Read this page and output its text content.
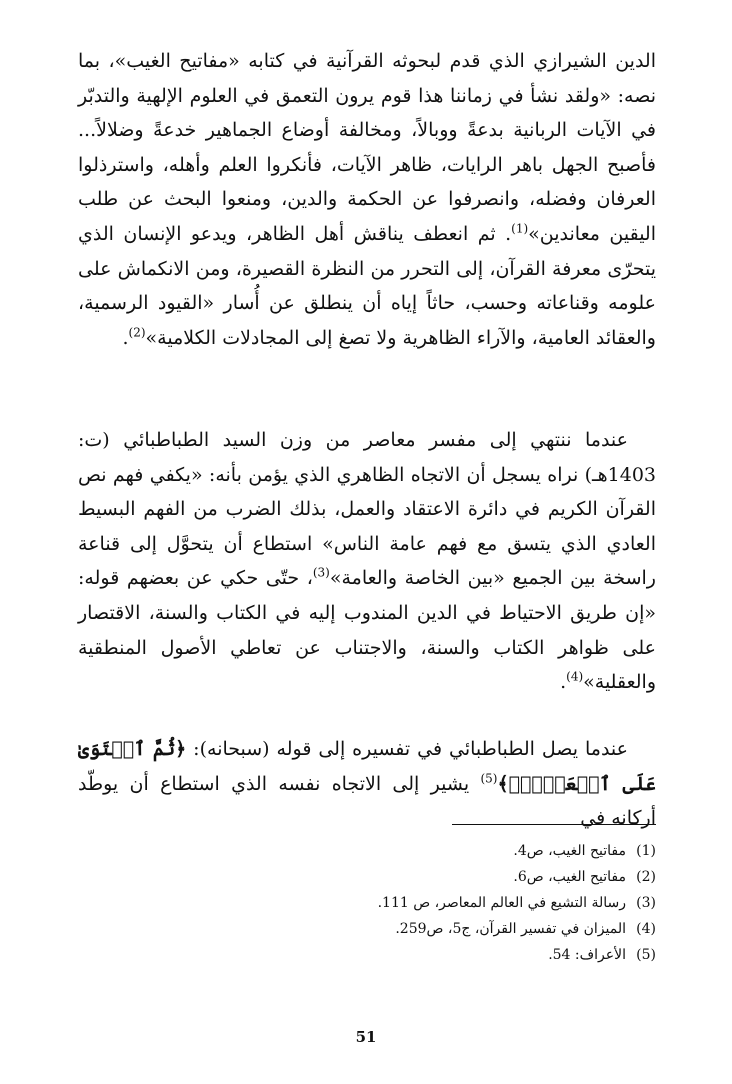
الدين الشيرازي الذي قدم لبحوثه القرآنية في كتابه «مفاتيح الغيب»، بما نصه: «ولقد نشأ في زماننا هذا قوم يرون التعمق في العلوم الإلهية والتدبّر في الآيات الربانية بدعةً ووبالاً، ومخالفة أوضاع الجماهير خدعةً وضلالاً... فأصبح الجهل باهر الرايات، ظاهر الآيات، فأنكروا العلم وأهله، واسترذلوا العرفان وفضله، وانصرفوا عن الحكمة والدين، ومنعوا البحث عن طلب اليقين معاندين»$^{(1)}$. ثم انعطف يناقش أهل الظاهر، ويدعو الإنسان الذي يتحرّى معرفة القرآن، إلى التحرر من النظرة القصيرة، ومن الانكماش على علومه وقناعاته وحسب، حاثاً إياه أن ينطلق عن أُسار «القيود الرسمية، والعقائد العامية، والآراء الظاهرية ولا تصغ إلى المجادلات الكلامية»$^{(2)}$.

عندما ننتهي إلى مفسر معاصر من وزن السيد الطباطبائي (ت: 1403هـ) نراه يسجل أن الاتجاه الظاهري الذي يؤمن بأنه: «يكفي فهم نص القرآن الكريم في دائرة الاعتقاد والعمل، بذلك الضرب من الفهم البسيط العادي الذي يتسق مع فهم عامة الناس» استطاع أن يتحوَّل إلى قناعة راسخة بين الجميع «بين الخاصة والعامة»$^{(3)}$، حتّى حكي عن بعضهم قوله: «إن طريق الاحتياط في الدين المندوب إليه في الكتاب والسنة، الاقتصار على ظواهر الكتاب والسنة، والاجتناب عن تعاطي الأصول المنطقية والعقلية»$^{(4)}$.

عندما يصل الطباطبائي في تفسيره إلى قوله (سبحانه): ﴿ثُمَّ ٱسۡتَوَىٰ عَلَى ٱلۡعَرۡشِۖ﴾$^{(5)}$ يشير إلى الاتجاه نفسه الذي استطاع أن يوطّد أركانه في

(1)مفاتيح الغيب، ص4.
(2)مفاتيح الغيب، ص6.
(3)رسالة التشيع في العالم المعاصر، ص 111.
(4)الميزان في تفسير القرآن، ج5، ص259.
(5)الأعراف: 54.
51
